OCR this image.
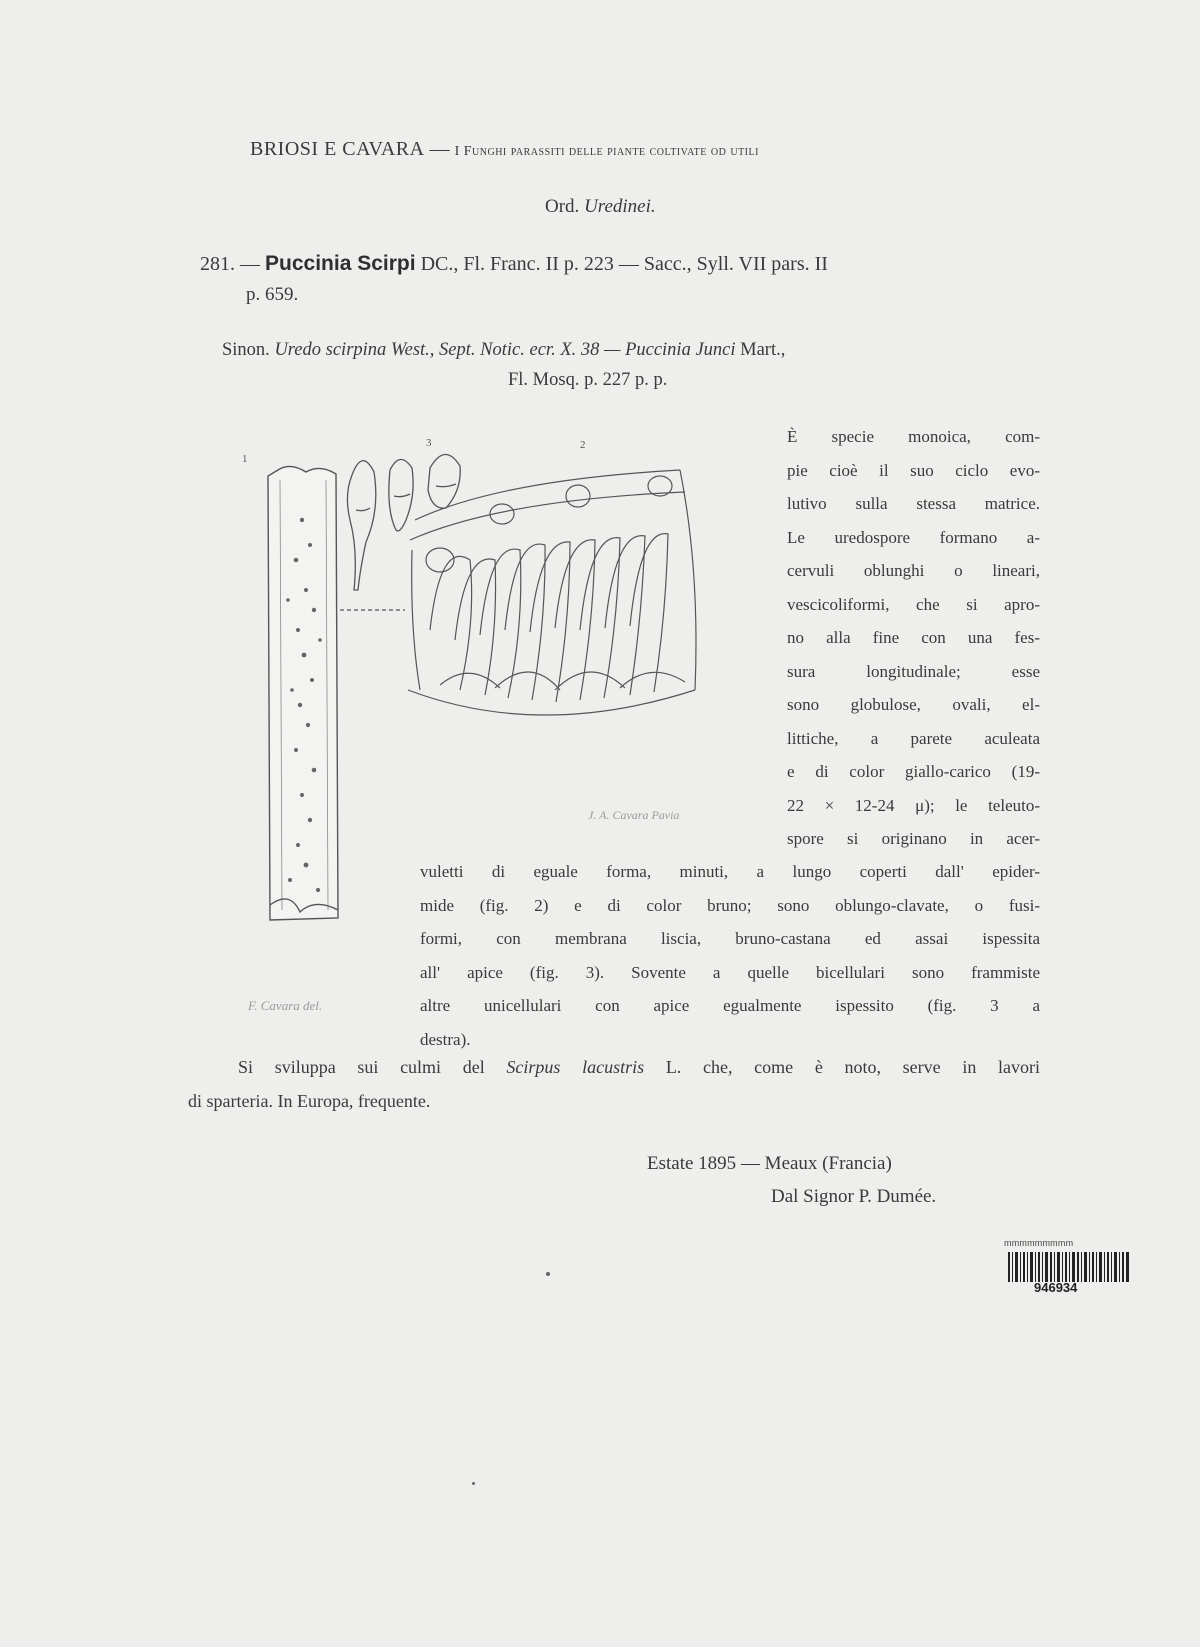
BRIOSI E CAVARA — I Funghi parassiti delle piante coltivate od utili
Ord. Uredinei.
281. — Puccinia Scirpi DC., Fl. Franc. II p. 223 — Sacc., Syll. VII pars. II
p. 659.
Sinon. Uredo scirpina West., Sept. Notic. ecr. X. 38 — Puccinia Junci Mart.,
Fl. Mosq. p. 227 p. p.
È specie monoica, com-
pie cioè il suo ciclo evo-
lutivo sulla stessa matrice.
Le uredospore formano a-
cervuli oblunghi o lineari,
vescicoliformi, che si apro-
no alla fine con una fes-
sura longitudinale; esse
sono globulose, ovali, el-
littiche, a parete aculeata
e di color giallo-carico (19-
22 × 12-24 μ); le teleuto-
spore si originano in acer-
vuletti di eguale forma, minuti, a lungo coperti dall' epider-
mide (fig. 2) e di color bruno; sono oblungo-clavate, o fusi-
formi, con membrana liscia, bruno-castana ed assai ispessita
all' apice (fig. 3). Sovente a quelle bicellulari sono frammiste
altre unicellulari con apice egualmente ispessito (fig. 3 a
destra).
Si sviluppa sui culmi del Scirpus lacustris L. che, come è noto, serve in lavori
di sparteria. In Europa, frequente.
Estate 1895 — Meaux (Francia)
Dal Signor P. Dumée.
1
2
3
J. A. Cavara Pavia
F. Cavara del.
mmmmmmmmm
946934
